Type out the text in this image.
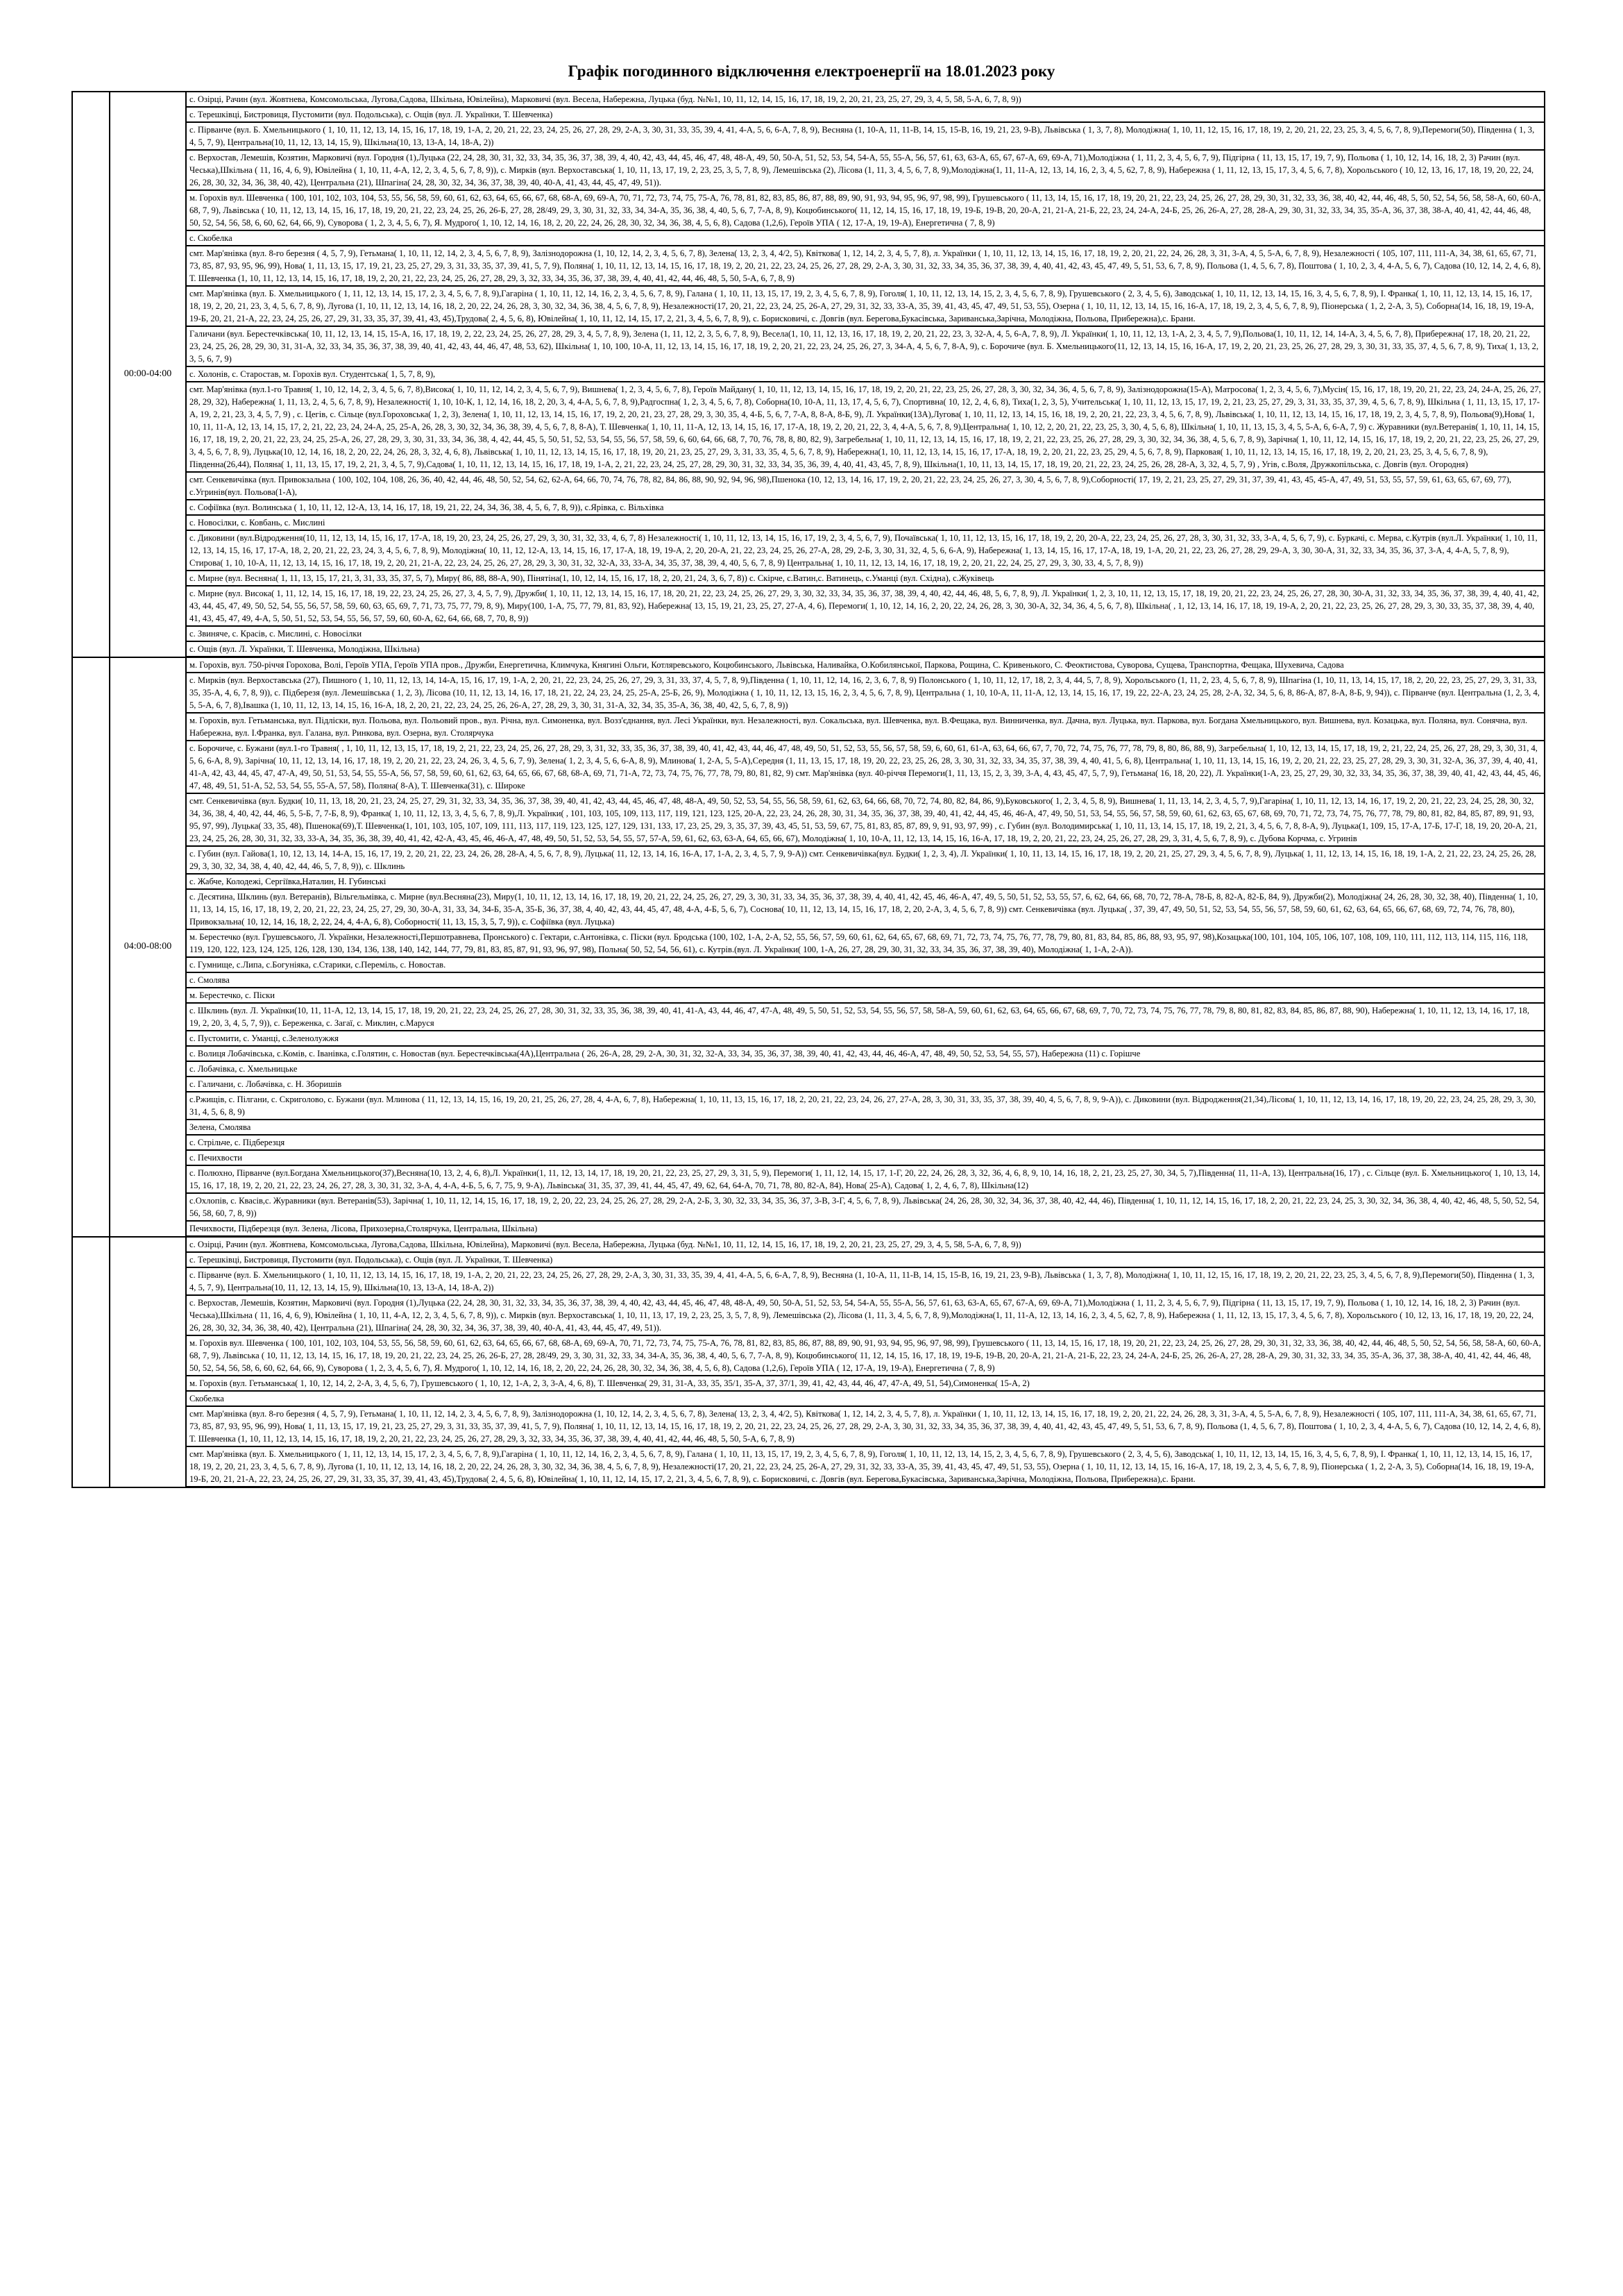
Графік погодинного відключення електроенергії на 18.01.2023 року
	00:00-04:00	с. Озірці, Рачин (вул. Жовтнева, Комсомольська, Лугова,Садова, Шкільна, Ювілейна), Марковичі (вул. Весела, Набережна, Луцька (буд. №№1, 10, 11, 12, 14, 15, 16, 17, 18, 19, 2, 20, 21, 23, 25, 27, 29, 3, 4, 5, 58, 5-А, 6, 7, 8, 9))
		с. Терешківці, Бистровиця, Пустомити (вул. Подольська), с. Ощів (вул. Л. Українки, Т. Шевченка)
		с. Пірванче (вул. Б. Хмельницького ( 1, 10, 11, 12, 13, 14, 15, 16, 17, 18, 19, 1-А, 2, 20, 21, 22, 23, 24, 25, 26, 27, 28, 29, 2-А, 3, 30, 31, 33, 35, 39, 4, 41, 4-А, 5, 6, 6-А, 7, 8, 9), Весняна (1, 10-А, 11, 11-В, 14, 15, 15-В, 16, 19, 21, 23, 9-В), Львівська ( 1, 3, 7, 8), Молодіжна( 1, 10, 11, 12, 15, 16, 17, 18, 19, 2, 20, 21, 22, 23, 25, 3, 4, 5, 6, 7, 8, 9),Перемоги(50), Південна ( 1, 3, 4, 5, 7, 9), Центральна(10, 11, 12, 13, 14, 15, 9), Шкільна(10, 13, 13-А, 14, 18-А, 2))
		с. Верхостав, Лемешів, Козятин, Марковичі (вул. Городня (1),Луцька (22, 24, 28, 30, 31, 32, 33, 34, 35, 36, 37, 38, 39, 4, 40, 42, 43, 44, 45, 46, 47, 48, 48-А, 49, 50, 50-А, 51, 52, 53, 54, 54-А, 55, 55-А, 56, 57, 61, 63, 63-А, 65, 67, 67-А, 69, 69-А, 71),Молодіжна ( 1, 11, 2, 3, 4, 5, 6, 7, 9), Підгірна ( 11, 13, 15, 17, 19, 7, 9), Польова ( 1, 10, 12, 14, 16, 18, 2, 3) Рачин (вул. Чеська),Шкільна ( 11, 16, 4, 6, 9), Ювілейна ( 1, 10, 11, 4-А, 12, 2, 3, 4, 5, 6, 7, 8, 9)), с. Мирків (вул. Верхоставська( 1, 10, 11, 13, 17, 19, 2, 23, 25, 3, 5, 7, 8, 9), Лемешівська (2), Лісова (1, 11, 3, 4, 5, 6, 7, 8, 9),Молодіжна(1, 11, 11-А, 12, 13, 14, 16, 2, 3, 4, 5, 62, 7, 8, 9), Набережна ( 1, 11, 12, 13, 15, 17, 3, 4, 5, 6, 7, 8), Хорольського ( 10, 12, 13, 16, 17, 18, 19, 20, 22, 24, 26, 28, 30, 32, 34, 36, 38, 40, 42), Центральна (21), Шпагіна( 24, 28, 30, 32, 34, 36, 37, 38, 39, 40, 40-А, 41, 43, 44, 45, 47, 49, 51)).
		м. Горохів вул. Шевченка ( 100, 101, 102, 103, 104, 53, 55, 56, 58, 59, 60, 61, 62, 63, 64, 65, 66, 67, 68, 68-А, 69, 69-А, 70, 71, 72, 73, 74, 75, 75-А, 76, 78, 81, 82, 83, 85, 86, 87, 88, 89, 90, 91, 93, 94, 95, 96, 97, 98, 99), Грушевського ( 11, 13, 14, 15, 16, 17, 18, 19, 20, 21, 22, 23, 24, 25, 26, 27, 28, 29, 30, 31, 32, 33, 36, 38, 40, 42, 44, 46, 48, 5, 50, 52, 54, 56, 58, 58-А, 60, 60-А, 68, 7, 9), Львівська ( 10, 11, 12, 13, 14, 15, 16, 17, 18, 19, 20, 21, 22, 23, 24, 25, 26, 26-Б, 27, 28, 28/49, 29, 3, 30, 31, 32, 33, 34, 34-А, 35, 36, 38, 4, 40, 5, 6, 7, 7-А, 8, 9), Коцюбинського( 11, 12, 14, 15, 16, 17, 18, 19, 19-Б, 19-В, 20, 20-А, 21, 21-А, 21-Б, 22, 23, 24, 24-А, 24-Б, 25, 26, 26-А, 27, 28, 28-А, 29, 30, 31, 32, 33, 34, 35, 35-А, 36, 37, 38, 38-А, 40, 41, 42, 44, 46, 48, 50, 52, 54, 56, 58, 6, 60, 62, 64, 66, 9), Суворова ( 1, 2, 3, 4, 5, 6, 7), Я. Мудрого( 1, 10, 12, 14, 16, 18, 2, 20, 22, 24, 26, 28, 30, 32, 34, 36, 38, 4, 5, 6, 8), Садова (1,2,6), Героїв УПА ( 12, 17-А, 19, 19-А), Енергетична ( 7, 8, 9)
		с. Скобелка
		смт. Мар'янівка (вул. 8-го березня ( 4, 5, 7, 9), Гетьмана( 1, 10, 11, 12, 14, 2, 3, 4, 5, 6, 7, 8, 9), Залізнодорожна (1, 10, 12, 14, 2, 3, 4, 5, 6, 7, 8), Зелена( 13, 2, 3, 4, 4/2, 5), Квіткова( 1, 12, 14, 2, 3, 4, 5, 7, 8), л. Українки ( 1, 10, 11, 12, 13, 14, 15, 16, 17, 18, 19, 2, 20, 21, 22, 24, 26, 28, 3, 31, 3-А, 4, 5, 5-А, 6, 7, 8, 9), Незалежності ( 105, 107, 111, 111-А, 34, 38, 61, 65, 67, 71, 73, 85, 87, 93, 95, 96, 99), Нова( 1, 11, 13, 15, 17, 19, 21, 23, 25, 27, 29, 3, 31, 33, 35, 37, 39, 41, 5, 7, 9), Поляна( 1, 10, 11, 12, 13, 14, 15, 16, 17, 18, 19, 2, 20, 21, 22, 23, 24, 25, 26, 27, 28, 29, 2-А, 3, 30, 31, 32, 33, 34, 35, 36, 37, 38, 39, 4, 40, 41, 42, 43, 45, 47, 49, 5, 51, 53, 6, 7, 8, 9), Польова (1, 4, 5, 6, 7, 8), Поштова ( 1, 10, 2, 3, 4, 4-А, 5, 6, 7), Садова (10, 12, 14, 2, 4, 6, 8), Т. Шевченка (1, 10, 11, 12, 13, 14, 15, 16, 17, 18, 19, 2, 20, 21, 22, 23, 24, 25, 26, 27, 28, 29, 3, 32, 33, 34, 35, 36, 37, 38, 39, 4, 40, 41, 42, 44, 46, 48, 5, 50, 5-А, 6, 7, 8, 9)
		смт. Мар'янівка (вул. Б. Хмельницького ( 1, 11, 12, 13, 14, 15, 17, 2, 3, 4, 5, 6, 7, 8, 9),Гагаріна ( 1, 10, 11, 12, 14, 16, 2, 3, 4, 5, 6, 7, 8, 9), Галана ( 1, 10, 11, 13, 15, 17, 19, 2, 3, 4, 5, 6, 7, 8, 9), Гоголя( 1, 10, 11, 12, 13, 14, 15, 2, 3, 4, 5, 6, 7, 8, 9), Грушевського ( 2, 3, 4, 5, 6), Заводська( 1, 10, 11, 12, 13, 14, 15, 16, 3, 4, 5, 6, 7, 8, 9), І. Франка( 1, 10, 11, 12, 13, 14, 15, 16, 17, 18, 19, 2, 20, 21, 23, 3, 4, 5, 6, 7, 8, 9), Лугова (1, 10, 11, 12, 13, 14, 16, 18, 2, 20, 22, 24, 26, 28, 3, 30, 32, 34, 36, 38, 4, 5, 6, 7, 8, 9), Незалежності(17, 20, 21, 22, 23, 24, 25, 26-А, 27, 29, 31, 32, 33, 33-А, 35, 39, 41, 43, 45, 47, 49, 51, 53, 55), Озерна ( 1, 10, 11, 12, 13, 14, 15, 16, 16-А, 17, 18, 19, 2, 3, 4, 5, 6, 7, 8, 9), Піонерська ( 1, 2, 2-А, 3, 5), Соборна(14, 16, 18, 19, 19-А, 19-Б, 20, 21, 21-А, 22, 23, 24, 25, 26, 27, 29, 31, 33, 35, 37, 39, 41, 43, 45),Трудова( 2, 4, 5, 6, 8), Ювілейна( 1, 10, 11, 12, 14, 15, 17, 2, 21, 3, 4, 5, 6, 7, 8, 9), с. Борисковичі, с. Довгів (вул. Берегова,Букасівська, Зариванська,Зарічна, Молодіжна, Польова, Прибережна),с. Брани.
		Галичани (вул. Берестечківська( 10, 11, 12, 13, 14, 15, 15-А, 16, 17, 18, 19, 2, 22, 23, 24, 25, 26, 27, 28, 29, 3, 4, 5, 7, 8, 9), Зелена (1, 11, 12, 2, 3, 5, 6, 7, 8, 9), Весела(1, 10, 11, 12, 13, 16, 17, 18, 19, 2, 20, 21, 22, 23, 3, 32-А, 4, 5, 6-А, 7, 8, 9), Л. Українки( 1, 10, 11, 12, 13, 1-А, 2, 3, 4, 5, 7, 9),Польова(1, 10, 11, 12, 14, 14-А, 3, 4, 5, 6, 7, 8), Прибережна( 17, 18, 20, 21, 22, 23, 24, 25, 26, 28, 29, 30, 31, 31-А, 32, 33, 34, 35, 36, 37, 38, 39, 40, 41, 42, 43, 44, 46, 47, 48, 53, 62), Шкільна( 1, 10, 100, 10-А, 11, 12, 13, 14, 15, 16, 17, 18, 19, 2, 20, 21, 22, 23, 24, 25, 26, 27, 3, 34-А, 4, 5, 6, 7, 8-А, 9), с. Борочиче (вул. Б. Хмельницького(11, 12, 13, 14, 15, 16, 16-А, 17, 19, 2, 20, 21, 23, 25, 26, 27, 28, 29, 3, 30, 31, 33, 35, 37, 4, 5, 6, 7, 8, 9), Тиха( 1, 13, 2, 3, 5, 6, 7, 9)
		с. Холонів, с. Старостав, м. Горохів вул. Студентська( 1, 5, 7, 8, 9),
		смт. Мар'янівка (вул.1-го Травня( 1, 10, 12, 14, 2, 3, 4, 5, 6, 7, 8),Висока( 1, 10, 11, 12, 14, 2, 3, 4, 5, 6, 7, 9), Вишнева( 1, 2, 3, 4, 5, 6, 7, 8), Героїв Майдану( 1, 10, 11, 12, 13, 14, 15, 16, 17, 18, 19, 2, 20, 21, 22, 23, 25, 26, 27, 28, 3, 30, 32, 34, 36, 4, 5, 6, 7, 8, 9), Залізнодорожна(15-А), Матросова( 1, 2, 3, 4, 5, 6, 7),Мусін( 15, 16, 17, 18, 19, 20, 21, 22, 23, 24, 24-А, 25, 26, 27, 28, 29, 32), Набережна( 1, 11, 13, 2, 4, 5, 6, 7, 8, 9), Незалежності( 1, 10, 10-К, 1, 12, 14, 16, 18, 2, 20, 3, 4, 4-А, 5, 6, 7, 8, 9),Радгоспна( 1, 2, 3, 4, 5, 6, 7, 8), Соборна(10, 10-А, 11, 13, 17, 4, 5, 6, 7), Спортивна( 10, 12, 2, 4, 6, 8), Тиха(1, 2, 3, 5), Учительська( 1, 10, 11, 12, 13, 15, 17, 19, 2, 21, 23, 25, 27, 29, 3, 31, 33, 35, 37, 39, 4, 5, 6, 7, 8, 9), Шкільна ( 1, 11, 13, 15, 17, 17-А, 19, 2, 21, 23, 3, 4, 5, 7, 9) , с. Цегів, с. Сільце (вул.Гороховська( 1, 2, 3), Зелена( 1, 10, 11, 12, 13, 14, 15, 16, 17, 19, 2, 20, 21, 23, 27, 28, 29, 3, 30, 35, 4, 4-Б, 5, 6, 7, 7-А, 8, 8-А, 8-Б, 9), Л. Українки(13А),Лугова( 1, 10, 11, 12, 13, 14, 15, 16, 18, 19, 2, 20, 21, 22, 23, 3, 4, 5, 6, 7, 8, 9), Львівська( 1, 10, 11, 12, 13, 14, 15, 16, 17, 18, 19, 2, 3, 4, 5, 7, 8, 9), Польова(9),Нова( 1, 10, 11, 11-А, 12, 13, 14, 15, 17, 2, 21, 22, 23, 24, 24-А, 25, 25-А, 26, 28, 3, 30, 32, 34, 36, 38, 39, 4, 5, 6, 7, 8, 8-А), Т. Шевченка( 1, 10, 11, 11-А, 12, 13, 14, 15, 16, 17, 17-А, 18, 19, 2, 20, 21, 22, 3, 4, 4-А, 5, 6, 7, 8, 9),Центральна( 1, 10, 12, 2, 20, 21, 22, 23, 25, 3, 30, 4, 5, 6, 8), Шкільна( 1, 10, 11, 13, 15, 3, 4, 5, 5-А, 6, 6-А, 7, 9) с. Журавники (вул.Ветеранів( 1, 10, 11, 14, 15, 16, 17, 18, 19, 2, 20, 21, 22, 23, 24, 25, 25-А, 26, 27, 28, 29, 3, 30, 31, 33, 34, 36, 38, 4, 42, 44, 45, 5, 50, 51, 52, 53, 54, 55, 56, 57, 58, 59, 6, 60, 64, 66, 68, 7, 70, 76, 78, 8, 80, 82, 9), Загребельна( 1, 10, 11, 12, 13, 14, 15, 16, 17, 18, 19, 2, 21, 22, 23, 25, 26, 27, 28, 29, 3, 30, 32, 34, 36, 38, 4, 5, 6, 7, 8, 9), Зарічна( 1, 10, 11, 12, 14, 15, 16, 17, 18, 19, 2, 20, 21, 22, 23, 25, 26, 27, 29, 3, 4, 5, 6, 7, 8, 9), Луцька(10, 12, 14, 16, 18, 2, 20, 22, 24, 26, 28, 3, 32, 4, 6, 8), Львівська( 1, 10, 11, 12, 13, 14, 15, 16, 17, 18, 19, 20, 21, 23, 25, 27, 29, 3, 31, 33, 35, 4, 5, 6, 7, 8, 9), Набережна(1, 10, 11, 12, 13, 14, 15, 16, 17, 17-А, 18, 19, 2, 20, 21, 22, 23, 25, 29, 4, 5, 6, 7, 8, 9), Парковая( 1, 10, 11, 12, 13, 14, 15, 16, 17, 18, 19, 2, 20, 21, 23, 25, 3, 4, 5, 6, 7, 8, 9), Південна(26,44), Поляна( 1, 11, 13, 15, 17, 19, 2, 21, 3, 4, 5, 7, 9),Садова( 1, 10, 11, 12, 13, 14, 15, 16, 17, 18, 19, 1-А, 2, 21, 22, 23, 24, 25, 27, 28, 29, 30, 31, 32, 33, 34, 35, 36, 39, 4, 40, 41, 43, 45, 7, 8, 9), Шкільна(1, 10, 11, 13, 14, 15, 17, 18, 19, 20, 21, 22, 23, 24, 25, 26, 28, 28-А, 3, 32, 4, 5, 7, 9) , Угів, с.Воля, Дружкопільська, с. Довгів (вул. Огородня)
		смт. Сенкевичівка (вул. Привокзальна ( 100, 102, 104, 108, 26, 36, 40, 42, 44, 46, 48, 50, 52, 54, 62, 62-А, 64, 66, 70, 74, 76, 78, 82, 84, 86, 88, 90, 92, 94, 96, 98),Пшенока (10, 12, 13, 14, 16, 17, 19, 2, 20, 21, 22, 23, 24, 25, 26, 27, 3, 30, 4, 5, 6, 7, 8, 9),Соборності( 17, 19, 2, 21, 23, 25, 27, 29, 31, 37, 39, 41, 43, 45, 45-А, 47, 49, 51, 53, 55, 57, 59, 61, 63, 65, 67, 69, 77), с.Угринів(вул. Польова(1-А),
		с. Софіївка (вул. Волинська ( 1, 10, 11, 12, 12-А, 13, 14, 16, 17, 18, 19, 21, 22, 24, 34, 36, 38, 4, 5, 6, 7, 8, 9)), с.Ярівка, с. Вільхівка
		с. Новосілки, с. Ковбань, с. Мислині
		с. Диковини (вул.Відродження(10, 11, 12, 13, 14, 15, 16, 17, 17-А, 18, 19, 20, 23, 24, 25, 26, 27, 29, 3, 30, 31, 32, 33, 4, 6, 7, 8) Незалежності( 1, 10, 11, 12, 13, 14, 15, 16, 17, 19, 2, 3, 4, 5, 6, 7, 9), Почаївська( 1, 10, 11, 12, 13, 15, 16, 17, 18, 19, 2, 20, 20-А, 22, 23, 24, 25, 26, 27, 28, 3, 30, 31, 32, 33, 3-А, 4, 5, 6, 7, 9), с. Буркачі, с. Мерва, с.Кутрів (вул.Л. Українки( 1, 10, 11, 12, 13, 14, 15, 16, 17, 17-А, 18, 2, 20, 21, 22, 23, 24, 3, 4, 5, 6, 7, 8, 9), Молодіжна( 10, 11, 12, 12-А, 13, 14, 15, 16, 17, 17-А, 18, 19, 19-А, 2, 20, 20-А, 21, 22, 23, 24, 25, 26, 27-А, 28, 29, 2-Б, 3, 30, 31, 32, 4, 5, 6, 6-А, 9), Набережна( 1, 13, 14, 15, 16, 17, 17-А, 18, 19, 1-А, 20, 21, 22, 23, 26, 27, 28, 29, 29-А, 3, 30, 30-А, 31, 32, 33, 34, 35, 36, 37, 3-А, 4, 4-А, 5, 7, 8, 9), Стирова( 1, 10, 10-А, 11, 12, 13, 14, 15, 16, 17, 18, 19, 2, 20, 21, 21-А, 22, 23, 24, 25, 26, 27, 28, 29, 3, 30, 31, 32, 32-А, 33, 33-А, 34, 35, 37, 38, 39, 4, 40, 5, 6, 7, 8, 9) Центральна( 1, 10, 11, 12, 13, 14, 16, 17, 18, 19, 2, 20, 21, 22, 24, 25, 27, 29, 3, 30, 33, 4, 5, 7, 8, 9))
		с. Мирне (вул. Весняна( 1, 11, 13, 15, 17, 21, 3, 31, 33, 35, 37, 5, 7), Миру( 86, 88, 88-А, 90), Пінятіна(1, 10, 12, 14, 15, 16, 17, 18, 2, 20, 21, 24, 3, 6, 7, 8)) с. Скірче, с.Ватин,с. Ватинець, с.Уманці (вул. Східна), с.Жуківець
		с. Мирне (вул. Висока( 1, 11, 12, 14, 15, 16, 17, 18, 19, 22, 23, 24, 25, 26, 27, 3, 4, 5, 7, 9), Дружби( 1, 10, 11, 12, 13, 14, 15, 16, 17, 18, 20, 21, 22, 23, 24, 25, 26, 27, 29, 3, 30, 32, 33, 34, 35, 36, 37, 38, 39, 4, 40, 42, 44, 46, 48, 5, 6, 7, 8, 9), Л. Українки( 1, 2, 3, 10, 11, 12, 13, 15, 17, 18, 19, 20, 21, 22, 23, 24, 25, 26, 27, 28, 30, 30-А, 31, 32, 33, 34, 35, 36, 37, 38, 39, 4, 40, 41, 42, 43, 44, 45, 47, 49, 50, 52, 54, 55, 56, 57, 58, 59, 60, 63, 65, 69, 7, 71, 73, 75, 77, 79, 8, 9), Миру(100, 1-А, 75, 77, 79, 81, 83, 92), Набережна( 13, 15, 19, 21, 23, 25, 27, 27-А, 4, 6), Перемоги( 1, 10, 12, 14, 16, 2, 20, 22, 24, 26, 28, 3, 30, 30-А, 32, 34, 36, 4, 5, 6, 7, 8), Шкільна( , 1, 12, 13, 14, 16, 17, 18, 19, 19-А, 2, 20, 21, 22, 23, 25, 26, 27, 28, 29, 3, 30, 33, 35, 37, 38, 39, 4, 40, 41, 43, 45, 47, 49, 4-А, 5, 50, 51, 52, 53, 54, 55, 56, 57, 59, 60, 60-А, 62, 64, 66, 68, 7, 70, 8, 9))
		с. Звиняче, с. Красів, с. Мислині, с. Новосілки
		с. Ощів (вул. Л. Українки, Т. Шевченка, Молодіжна, Шкільна)
	04:00-08:00	м. Горохів, вул. 750-річчя Горохова, Волі, Героїв УПА, Героїв УПА пров., Дружби, Енергетична, Климчука, Княгині Ольги, Котляревського, Коцюбинського, Львівська, Наливайка, О.Кобилянської, Паркова, Рощина, С. Кривенького, С. Феоктистова, Суворова, Сущева, Транспортна, Фещака, Шухевича, Садова
		с. Мирків (вул. Верхоставська (27), Пишного ( 1, 10, 11, 12, 13, 14, 14-А, 15, 16, 17, 19, 1-А, 2, 20, 21, 22, 23, 24, 25, 26, 27, 29, 3, 31, 33, 37, 4, 5, 7, 8, 9),Південна ( 1, 10, 11, 12, 14, 16, 2, 3, 6, 7, 8, 9) Полонського ( 1, 10, 11, 12, 17, 18, 2, 3, 4, 44, 5, 7, 8, 9), Хорольського (1, 11, 2, 23, 4, 5, 6, 7, 8, 9), Шпагіна (1, 10, 11, 13, 14, 15, 17, 18, 2, 20, 22, 23, 25, 27, 29, 3, 31, 33, 35, 35-А, 4, 6, 7, 8, 9)), с. Підберезя (вул. Лемешівська ( 1, 2, 3), Лісова (10, 11, 12, 13, 14, 16, 17, 18, 21, 22, 24, 23, 24, 25, 25-А, 25-Б, 26, 9), Молодіжна ( 1, 10, 11, 12, 13, 15, 16, 2, 3, 4, 5, 6, 7, 8, 9), Центральна ( 1, 10, 10-А, 11, 11-А, 12, 13, 14, 15, 16, 17, 19, 22, 22-А, 23, 24, 25, 28, 2-А, 32, 34, 5, 6, 8, 86-А, 87, 8-А, 8-Б, 9, 94)), с. Пірванче (вул. Центральна (1, 2, 3, 4, 5, 5-А, 6, 7, 8),Івашка (1, 10, 11, 12, 13, 14, 15, 16, 16-А, 18, 2, 20, 21, 22, 23, 24, 25, 26, 26-А, 27, 28, 29, 3, 30, 31, 31-А, 32, 34, 35, 35-А, 36, 38, 40, 42, 5, 6, 7, 8, 9))
		м. Горохів, вул. Гетьманська, вул. Підліски, вул. Польова, вул. Польовий пров., вул. Річна, вул. Симоненка, вул. Возз'єднання, вул. Лесі Українки, вул. Незалежності, вул. Сокальська, вул. Шевченка, вул. В.Фещака, вул. Винниченка, вул. Дачна, вул. Луцька, вул. Паркова, вул. Богдана Хмельницького, вул. Вишнева, вул. Козацька, вул. Поляна, вул. Сонячна, вул. Набережна, вул. І.Франка, вул. Галана, вул. Ринкова, вул. Озерна, вул. Столярчука
		с. Борочиче, с. Бужани (вул.1-го Травня( , 1, 10, 11, 12, 13, 15, 17, 18, 19, 2, 21, 22, 23, 24, 25, 26, 27, 28, 29, 3, 31, 32, 33, 35, 36, 37, 38, 39, 40, 41, 42, 43, 44, 46, 47, 48, 49, 50, 51, 52, 53, 55, 56, 57, 58, 59, 6, 60, 61, 61-А, 63, 64, 66, 67, 7, 70, 72, 74, 75, 76, 77, 78, 79, 8, 80, 86, 88, 9), Загребельна( 1, 10, 12, 13, 14, 15, 17, 18, 19, 2, 21, 22, 24, 25, 26, 27, 28, 29, 3, 30, 31, 4, 5, 6, 6-А, 8, 9), Зарічна( 10, 11, 12, 13, 14, 16, 17, 18, 19, 2, 20, 21, 22, 23, 24, 26, 3, 4, 5, 6, 7, 9), Зелена( 1, 2, 3, 4, 5, 6, 6-А, 8, 9), Млинова( 1, 2-А, 5, 5-А),Середня (1, 11, 13, 15, 17, 18, 19, 20, 22, 23, 25, 26, 28, 3, 30, 31, 32, 33, 34, 35, 37, 38, 39, 4, 40, 41, 5, 6, 8), Центральна( 1, 10, 11, 13, 14, 15, 16, 19, 2, 20, 21, 22, 23, 25, 27, 28, 29, 3, 30, 31, 32-А, 36, 37, 39, 4, 40, 41, 41-А, 42, 43, 44, 45, 47, 47-А, 49, 50, 51, 53, 54, 55, 55-А, 56, 57, 58, 59, 60, 61, 62, 63, 64, 65, 66, 67, 68, 68-А, 69, 71, 71-А, 72, 73, 74, 75, 76, 77, 78, 79, 80, 81, 82, 9) смт. Мар'янівка (вул. 40-річчя Перемоги(1, 11, 13, 15, 2, 3, 39, 3-А, 4, 43, 45, 47, 5, 7, 9), Гетьмана( 16, 18, 20, 22), Л. Українки(1-А, 23, 25, 27, 29, 30, 32, 33, 34, 35, 36, 37, 38, 39, 40, 41, 42, 43, 44, 45, 46, 47, 48, 49, 51, 51-А, 52, 53, 54, 55, 55-А, 57, 58), Поляна( 8-А), Т. Шевченка(31), с. Широке
		смт. Сенкевичівка (вул. Будки( 10, 11, 13, 18, 20, 21, 23, 24, 25, 27, 29, 31, 32, 33, 34, 35, 36, 37, 38, 39, 40, 41, 42, 43, 44, 45, 46, 47, 48, 48-А, 49, 50, 52, 53, 54, 55, 56, 58, 59, 61, 62, 63, 64, 66, 68, 70, 72, 74, 80, 82, 84, 86, 9),Буковського( 1, 2, 3, 4, 5, 8, 9), Вишнева( 1, 11, 13, 14, 2, 3, 4, 5, 7, 9),Гагаріна( 1, 10, 11, 12, 13, 14, 16, 17, 19, 2, 20, 21, 22, 23, 24, 25, 28, 30, 32, 34, 36, 38, 4, 40, 42, 44, 46, 5, 5-Б, 7, 7-Б, 8, 9), Франка( 1, 10, 11, 12, 13, 3, 4, 5, 6, 7, 8, 9),Л. Українки( , 101, 103, 105, 109, 113, 117, 119, 121, 123, 125, 20-А, 22, 23, 24, 26, 28, 30, 31, 34, 35, 36, 37, 38, 39, 40, 41, 42, 44, 45, 46, 46-А, 47, 49, 50, 51, 53, 54, 55, 56, 57, 58, 59, 60, 61, 62, 63, 65, 67, 68, 69, 70, 71, 72, 73, 74, 75, 76, 77, 78, 79, 80, 81, 82, 84, 85, 87, 89, 91, 93, 95, 97, 99), Луцька( 33, 35, 48), Пшенока(69),Т. Шевченка(1, 101, 103, 105, 107, 109, 111, 113, 117, 119, 123, 125, 127, 129, 131, 133, 17, 23, 25, 29, 3, 35, 37, 39, 43, 45, 51, 53, 59, 67, 75, 81, 83, 85, 87, 89, 9, 91, 93, 97, 99) , с. Губин (вул. Володимирська( 1, 10, 11, 13, 14, 15, 17, 18, 19, 2, 21, 3, 4, 5, 6, 7, 8, 8-А, 9), Луцька(1, 109, 15, 17-А, 17-Б, 17-Г, 18, 19, 20, 20-А, 21, 23, 24, 25, 26, 28, 30, 31, 32, 33, 33-А, 34, 35, 36, 38, 39, 40, 41, 42, 42-А, 43, 45, 46, 46-А, 47, 48, 49, 50, 51, 52, 53, 54, 55, 57, 57-А, 59, 61, 62, 63, 63-А, 64, 65, 66, 67), Молодіжна( 1, 10, 10-А, 11, 12, 13, 14, 15, 16, 16-А, 17, 18, 19, 2, 20, 21, 22, 23, 24, 25, 26, 27, 28, 29, 3, 31, 4, 5, 6, 7, 8, 9), с. Дубова Корчма, с. Угринів
		с. Губин (вул. Гайова(1, 10, 12, 13, 14, 14-А, 15, 16, 17, 19, 2, 20, 21, 22, 23, 24, 26, 28, 28-А, 4, 5, 6, 7, 8, 9), Луцька( 11, 12, 13, 14, 16, 16-А, 17, 1-А, 2, 3, 4, 5, 7, 9, 9-А)) смт. Сенкевичівка(вул. Будки( 1, 2, 3, 4), Л. Українки( 1, 10, 11, 13, 14, 15, 16, 17, 18, 19, 2, 20, 21, 25, 27, 29, 3, 4, 5, 6, 7, 8, 9), Луцька( 1, 11, 12, 13, 14, 15, 16, 18, 19, 1-А, 2, 21, 22, 23, 24, 25, 26, 28, 29, 3, 30, 32, 34, 38, 4, 40, 42, 44, 46, 5, 7, 8, 9)), с. Шклинь
		с. Жабче, Колодежі, Сергіївка,Наталин, Н. Губинські
		с. Десятина, Шклинь (вул. Ветеранів), Вільгельмівка, с. Мирне (вул.Весняна(23), Миру(1, 10, 11, 12, 13, 14, 16, 17, 18, 19, 20, 21, 22, 24, 25, 26, 27, 29, 3, 30, 31, 33, 34, 35, 36, 37, 38, 39, 4, 40, 41, 42, 45, 46, 46-А, 47, 49, 5, 50, 51, 52, 53, 55, 57, 6, 62, 64, 66, 68, 70, 72, 78-А, 78-Б, 8, 82-А, 82-Б, 84, 9), Дружби(2), Молодіжна( 24, 26, 28, 30, 32, 38, 40), Південна( 1, 10, 11, 13, 14, 15, 16, 17, 18, 19, 2, 20, 21, 22, 23, 24, 25, 27, 29, 30, 30-А, 31, 33, 34, 34-Б, 35-А, 35-Б, 36, 37, 38, 4, 40, 42, 43, 44, 45, 47, 48, 4-А, 4-Б, 5, 6, 7), Соснова( 10, 11, 12, 13, 14, 15, 16, 17, 18, 2, 20, 2-А, 3, 4, 5, 6, 7, 8, 9)) смт. Сенкевичівка (вул. Луцька( , 37, 39, 47, 49, 50, 51, 52, 53, 54, 55, 56, 57, 58, 59, 60, 61, 62, 63, 64, 65, 66, 67, 68, 69, 72, 74, 76, 78, 80), Привокзальна( 10, 12, 14, 16, 18, 2, 22, 24, 4, 4-А, 6, 8), Соборності( 11, 13, 15, 3, 5, 7, 9)), с. Софіївка (вул. Луцька)
		м. Берестечко (вул. Грушевського, Л. Українки, Незалежності,Першотравнева, Пронського) с. Гектари, с.Антонівка, с. Піски (вул. Бродська (100, 102, 1-А, 2-А, 52, 55, 56, 57, 59, 60, 61, 62, 64, 65, 67, 68, 69, 71, 72, 73, 74, 75, 76, 77, 78, 79, 80, 81, 83, 84, 85, 86, 88, 93, 95, 97, 98),Козацька(100, 101, 104, 105, 106, 107, 108, 109, 110, 111, 112, 113, 114, 115, 116, 118, 119, 120, 122, 123, 124, 125, 126, 128, 130, 134, 136, 138, 140, 142, 144, 77, 79, 81, 83, 85, 87, 91, 93, 96, 97, 98), Польна( 50, 52, 54, 56, 61), с. Кутрів.(вул. Л. Українки( 100, 1-А, 26, 27, 28, 29, 30, 31, 32, 33, 34, 35, 36, 37, 38, 39, 40), Молодіжна( 1, 1-А, 2-А)).
		с. Гумнище, с.Липа, с.Богуніяка, с.Старики, с.Переміль, с. Новостав.
		с. Смолява
		м. Берестечко, с. Піски
		с. Шклинь (вул. Л. Українки(10, 11, 11-А, 12, 13, 14, 15, 17, 18, 19, 20, 21, 22, 23, 24, 25, 26, 27, 28, 30, 31, 32, 33, 35, 36, 38, 39, 40, 41, 41-А, 43, 44, 46, 47, 47-А, 48, 49, 5, 50, 51, 52, 53, 54, 55, 56, 57, 58, 58-А, 59, 60, 61, 62, 63, 64, 65, 66, 67, 68, 69, 7, 70, 72, 73, 74, 75, 76, 77, 78, 79, 8, 80, 81, 82, 83, 84, 85, 86, 87, 88, 90), Набережна( 1, 10, 11, 12, 13, 14, 16, 17, 18, 19, 2, 20, 3, 4, 5, 7, 9)), с. Береженка, с. Загаї, с. Миклин, с.Маруся
		с. Пустомити, с. Уманці, с.Зеленолужжя
		с. Волиця Лобачівська, с.Комів, с. Іванівка, с.Голятин, с. Новостав (вул. Берестечківська(4А),Центральна ( 26, 26-А, 28, 29, 2-А, 30, 31, 32, 32-А, 33, 34, 35, 36, 37, 38, 39, 40, 41, 42, 43, 44, 46, 46-А, 47, 48, 49, 50, 52, 53, 54, 55, 57), Набережна (11) с. Горішче
		с. Лобачівка, с. Хмельницьке
		с. Галичани, с. Лобачівка, с. Н. Зборишів
		с.Ржищів, с. Пілгани, с. Скриголово, с. Бужани (вул. Млинова ( 11, 12, 13, 14, 15, 16, 19, 20, 21, 25, 26, 27, 28, 4, 4-А, 6, 7, 8), Набережна( 1, 10, 11, 13, 15, 16, 17, 18, 2, 20, 21, 22, 23, 24, 26, 27, 27-А, 28, 3, 30, 31, 33, 35, 37, 38, 39, 40, 4, 5, 6, 7, 8, 9, 9-А)), с. Диковини (вул. Відродження(21,34),Лісова( 1, 10, 11, 12, 13, 14, 16, 17, 18, 19, 20, 22, 23, 24, 25, 28, 29, 3, 30, 31, 4, 5, 6, 8, 9)
		Зелена, Смолява
		с. Стрільче, с. Підберезця
		с. Печихвости
		с. Полюхно, Пірванче (вул.Богдана Хмельницького(37),Весняна(10, 13, 2, 4, 6, 8),Л. Українки(1, 11, 12, 13, 14, 17, 18, 19, 20, 21, 22, 23, 25, 27, 29, 3, 31, 5, 9), Перемоги( 1, 11, 12, 14, 15, 17, 1-Г, 20, 22, 24, 26, 28, 3, 32, 36, 4, 6, 8, 9, 10, 14, 16, 18, 2, 21, 23, 25, 27, 30, 34, 5, 7),Південна( 11, 11-А, 13), Центральна(16, 17) , с. Сільце (вул. Б. Хмельницького( 1, 10, 13, 14, 15, 16, 17, 18, 19, 2, 20, 21, 22, 23, 24, 26, 27, 28, 3, 30, 31, 32, 3-А, 4, 4-А, 4-Б, 5, 6, 7, 75, 9, 9-А), Львівська( 31, 35, 37, 39, 41, 44, 45, 47, 49, 62, 64, 64-А, 70, 71, 78, 80, 82-А, 84), Нова( 25-А), Садова( 1, 2, 4, 6, 7, 8), Шкільна(12)
		с.Охлопів, с. Квасів,с. Журавники (вул. Ветеранів(53), Зарічна( 1, 10, 11, 12, 14, 15, 16, 17, 18, 19, 2, 20, 22, 23, 24, 25, 26, 27, 28, 29, 2-А, 2-Б, 3, 30, 32, 33, 34, 35, 36, 37, 3-В, 3-Г, 4, 5, 6, 7, 8, 9), Львівська( 24, 26, 28, 30, 32, 34, 36, 37, 38, 40, 42, 44, 46), Південна( 1, 10, 11, 12, 14, 15, 16, 17, 18, 2, 20, 21, 22, 23, 24, 25, 3, 30, 32, 34, 36, 38, 4, 40, 42, 46, 48, 5, 50, 52, 54, 56, 58, 60, 7, 8, 9))
		Печихвости, Підберезця (вул. Зелена, Лісова, Прихозерна,Столярчука, Центральна, Шкільна)
		с. Озірці, Рачин (вул. Жовтнева, Комсомольська, Лугова,Садова, Шкільна, Ювілейна), Марковичі (вул. Весела, Набережна, Луцька (буд. №№1, 10, 11, 12, 14, 15, 16, 17, 18, 19, 2, 20, 21, 23, 25, 27, 29, 3, 4, 5, 58, 5-А, 6, 7, 8, 9))
		с. Терешківці, Бистровиця, Пустомити (вул. Подольська), с. Ощів (вул. Л. Українки, Т. Шевченка)
		с. Пірванче (вул. Б. Хмельницького ( 1, 10, 11, 12, 13, 14, 15, 16, 17, 18, 19, 1-А, 2, 20, 21, 22, 23, 24, 25, 26, 27, 28, 29, 2-А, 3, 30, 31, 33, 35, 39, 4, 41, 4-А, 5, 6, 6-А, 7, 8, 9), Весняна (1, 10-А, 11, 11-В, 14, 15, 15-В, 16, 19, 21, 23, 9-В), Львівська ( 1, 3, 7, 8), Молодіжна( 1, 10, 11, 12, 15, 16, 17, 18, 19, 2, 20, 21, 22, 23, 25, 3, 4, 5, 6, 7, 8, 9),Перемоги(50), Південна ( 1, 3, 4, 5, 7, 9), Центральна(10, 11, 12, 13, 14, 15, 9), Шкільна(10, 13, 13-А, 14, 18-А, 2))
		с. Верхостав, Лемешів, Козятин, Марковичі (вул. Городня (1),Луцька (22, 24, 28, 30, 31, 32, 33, 34, 35, 36, 37, 38, 39, 4, 40, 42, 43, 44, 45, 46, 47, 48, 48-А, 49, 50, 50-А, 51, 52, 53, 54, 54-А, 55, 55-А, 56, 57, 61, 63, 63-А, 65, 67, 67-А, 69, 69-А, 71),Молодіжна ( 1, 11, 2, 3, 4, 5, 6, 7, 9), Підгірна ( 11, 13, 15, 17, 19, 7, 9), Польова ( 1, 10, 12, 14, 16, 18, 2, 3) Рачин (вул. Чеська),Шкільна ( 11, 16, 4, 6, 9), Ювілейна ( 1, 10, 11, 4-А, 12, 2, 3, 4, 5, 6, 7, 8, 9)), с. Мирків (вул. Верхоставська( 1, 10, 11, 13, 17, 19, 2, 23, 25, 3, 5, 7, 8, 9), Лемешівська (2), Лісова (1, 11, 3, 4, 5, 6, 7, 8, 9),Молодіжна(1, 11, 11-А, 12, 13, 14, 16, 2, 3, 4, 5, 62, 7, 8, 9), Набережна ( 1, 11, 12, 13, 15, 17, 3, 4, 5, 6, 7, 8), Хорольського ( 10, 12, 13, 16, 17, 18, 19, 20, 22, 24, 26, 28, 30, 32, 34, 36, 38, 40, 42), Центральна (21), Шпагіна( 24, 28, 30, 32, 34, 36, 37, 38, 39, 40, 40-А, 41, 43, 44, 45, 47, 49, 51)).
		м. Горохів вул. Шевченка ( 100, 101, 102, 103, 104, 53, 55, 56, 58, 59, 60, 61, 62, 63, 64, 65, 66, 67, 68, 68-А, 69, 69-А, 70, 71, 72, 73, 74, 75, 75-А, 76, 78, 81, 82, 83, 85, 86, 87, 88, 89, 90, 91, 93, 94, 95, 96, 97, 98, 99), Грушевського ( 11, 13, 14, 15, 16, 17, 18, 19, 20, 21, 22, 23, 24, 25, 26, 27, 28, 29, 30, 31, 32, 33, 36, 38, 40, 42, 44, 46, 48, 5, 50, 52, 54, 56, 58, 58-А, 60, 60-А, 68, 7, 9), Львівська ( 10, 11, 12, 13, 14, 15, 16, 17, 18, 19, 20, 21, 22, 23, 24, 25, 26, 26-Б, 27, 28, 28/49, 29, 3, 30, 31, 32, 33, 34, 34-А, 35, 36, 38, 4, 40, 5, 6, 7, 7-А, 8, 9), Коцюбинського( 11, 12, 14, 15, 16, 17, 18, 19, 19-Б, 19-В, 20, 20-А, 21, 21-А, 21-Б, 22, 23, 24, 24-А, 24-Б, 25, 26, 26-А, 27, 28, 28-А, 29, 30, 31, 32, 33, 34, 35, 35-А, 36, 37, 38, 38-А, 40, 41, 42, 44, 46, 48, 50, 52, 54, 56, 58, 6, 60, 62, 64, 66, 9), Суворова ( 1, 2, 3, 4, 5, 6, 7), Я. Мудрого( 1, 10, 12, 14, 16, 18, 2, 20, 22, 24, 26, 28, 30, 32, 34, 36, 38, 4, 5, 6, 8), Садова (1,2,6), Героїв УПА ( 12, 17-А, 19, 19-А), Енергетична ( 7, 8, 9)
		м. Горохів (вул. Гетьманська( 1, 10, 12, 14, 2, 2-А, 3, 4, 5, 6, 7), Грушевського ( 1, 10, 12, 1-А, 2, 3, 3-А, 4, 6, 8), Т. Шевченка( 29, 31, 31-А, 33, 35, 35/1, 35-А, 37, 37/1, 39, 41, 42, 43, 44, 46, 47, 47-А, 49, 51, 54),Симоненка( 15-А, 2)
		Скобелка
		смт. Мар'янівка (вул. 8-го березня ( 4, 5, 7, 9), Гетьмана( 1, 10, 11, 12, 14, 2, 3, 4, 5, 6, 7, 8, 9), Залізнодорожна (1, 10, 12, 14, 2, 3, 4, 5, 6, 7, 8), Зелена( 13, 2, 3, 4, 4/2, 5), Квіткова( 1, 12, 14, 2, 3, 4, 5, 7, 8), л. Українки ( 1, 10, 11, 12, 13, 14, 15, 16, 17, 18, 19, 2, 20, 21, 22, 24, 26, 28, 3, 31, 3-А, 4, 5, 5-А, 6, 7, 8, 9), Незалежності ( 105, 107, 111, 111-А, 34, 38, 61, 65, 67, 71, 73, 85, 87, 93, 95, 96, 99), Нова( 1, 11, 13, 15, 17, 19, 21, 23, 25, 27, 29, 3, 31, 33, 35, 37, 39, 41, 5, 7, 9), Поляна( 1, 10, 11, 12, 13, 14, 15, 16, 17, 18, 19, 2, 20, 21, 22, 23, 24, 25, 26, 27, 28, 29, 2-А, 3, 30, 31, 32, 33, 34, 35, 36, 37, 38, 39, 4, 40, 41, 42, 43, 45, 47, 49, 5, 51, 53, 6, 7, 8, 9), Польова (1, 4, 5, 6, 7, 8), Поштова ( 1, 10, 2, 3, 4, 4-А, 5, 6, 7), Садова (10, 12, 14, 2, 4, 6, 8), Т. Шевченка (1, 10, 11, 12, 13, 14, 15, 16, 17, 18, 19, 2, 20, 21, 22, 23, 24, 25, 26, 27, 28, 29, 3, 32, 33, 34, 35, 36, 37, 38, 39, 4, 40, 41, 42, 44, 46, 48, 5, 50, 5-А, 6, 7, 8, 9)
		смт. Мар'янівка (вул. Б. Хмельницького ( 1, 11, 12, 13, 14, 15, 17, 2, 3, 4, 5, 6, 7, 8, 9),Гагаріна ( 1, 10, 11, 12, 14, 16, 2, 3, 4, 5, 6, 7, 8, 9), Галана ( 1, 10, 11, 13, 15, 17, 19, 2, 3, 4, 5, 6, 7, 8, 9), Гоголя( 1, 10, 11, 12, 13, 14, 15, 2, 3, 4, 5, 6, 7, 8, 9), Грушевського ( 2, 3, 4, 5, 6), Заводська( 1, 10, 11, 12, 13, 14, 15, 16, 3, 4, 5, 6, 7, 8, 9), І. Франка( 1, 10, 11, 12, 13, 14, 15, 16, 17, 18, 19, 2, 20, 21, 23, 3, 4, 5, 6, 7, 8, 9), Лугова (1, 10, 11, 12, 13, 14, 16, 18, 2, 20, 22, 24, 26, 28, 3, 30, 32, 34, 36, 38, 4, 5, 6, 7, 8, 9), Незалежності(17, 20, 21, 22, 23, 24, 25, 26-А, 27, 29, 31, 32, 33, 33-А, 35, 39, 41, 43, 45, 47, 49, 51, 53, 55), Озерна ( 1, 10, 11, 12, 13, 14, 15, 16, 16-А, 17, 18, 19, 2, 3, 4, 5, 6, 7, 8, 9), Піонерська ( 1, 2, 2-А, 3, 5), Соборна(14, 16, 18, 19, 19-А, 19-Б, 20, 21, 21-А, 22, 23, 24, 25, 26, 27, 29, 31, 33, 35, 37, 39, 41, 43, 45),Трудова( 2, 4, 5, 6, 8), Ювілейна( 1, 10, 11, 12, 14, 15, 17, 2, 21, 3, 4, 5, 6, 7, 8, 9), с. Борисковичі, с. Довгів (вул. Берегова,Букасівська, Зариванська,Зарічна, Молодіжна, Польова, Прибережна),с. Брани.
